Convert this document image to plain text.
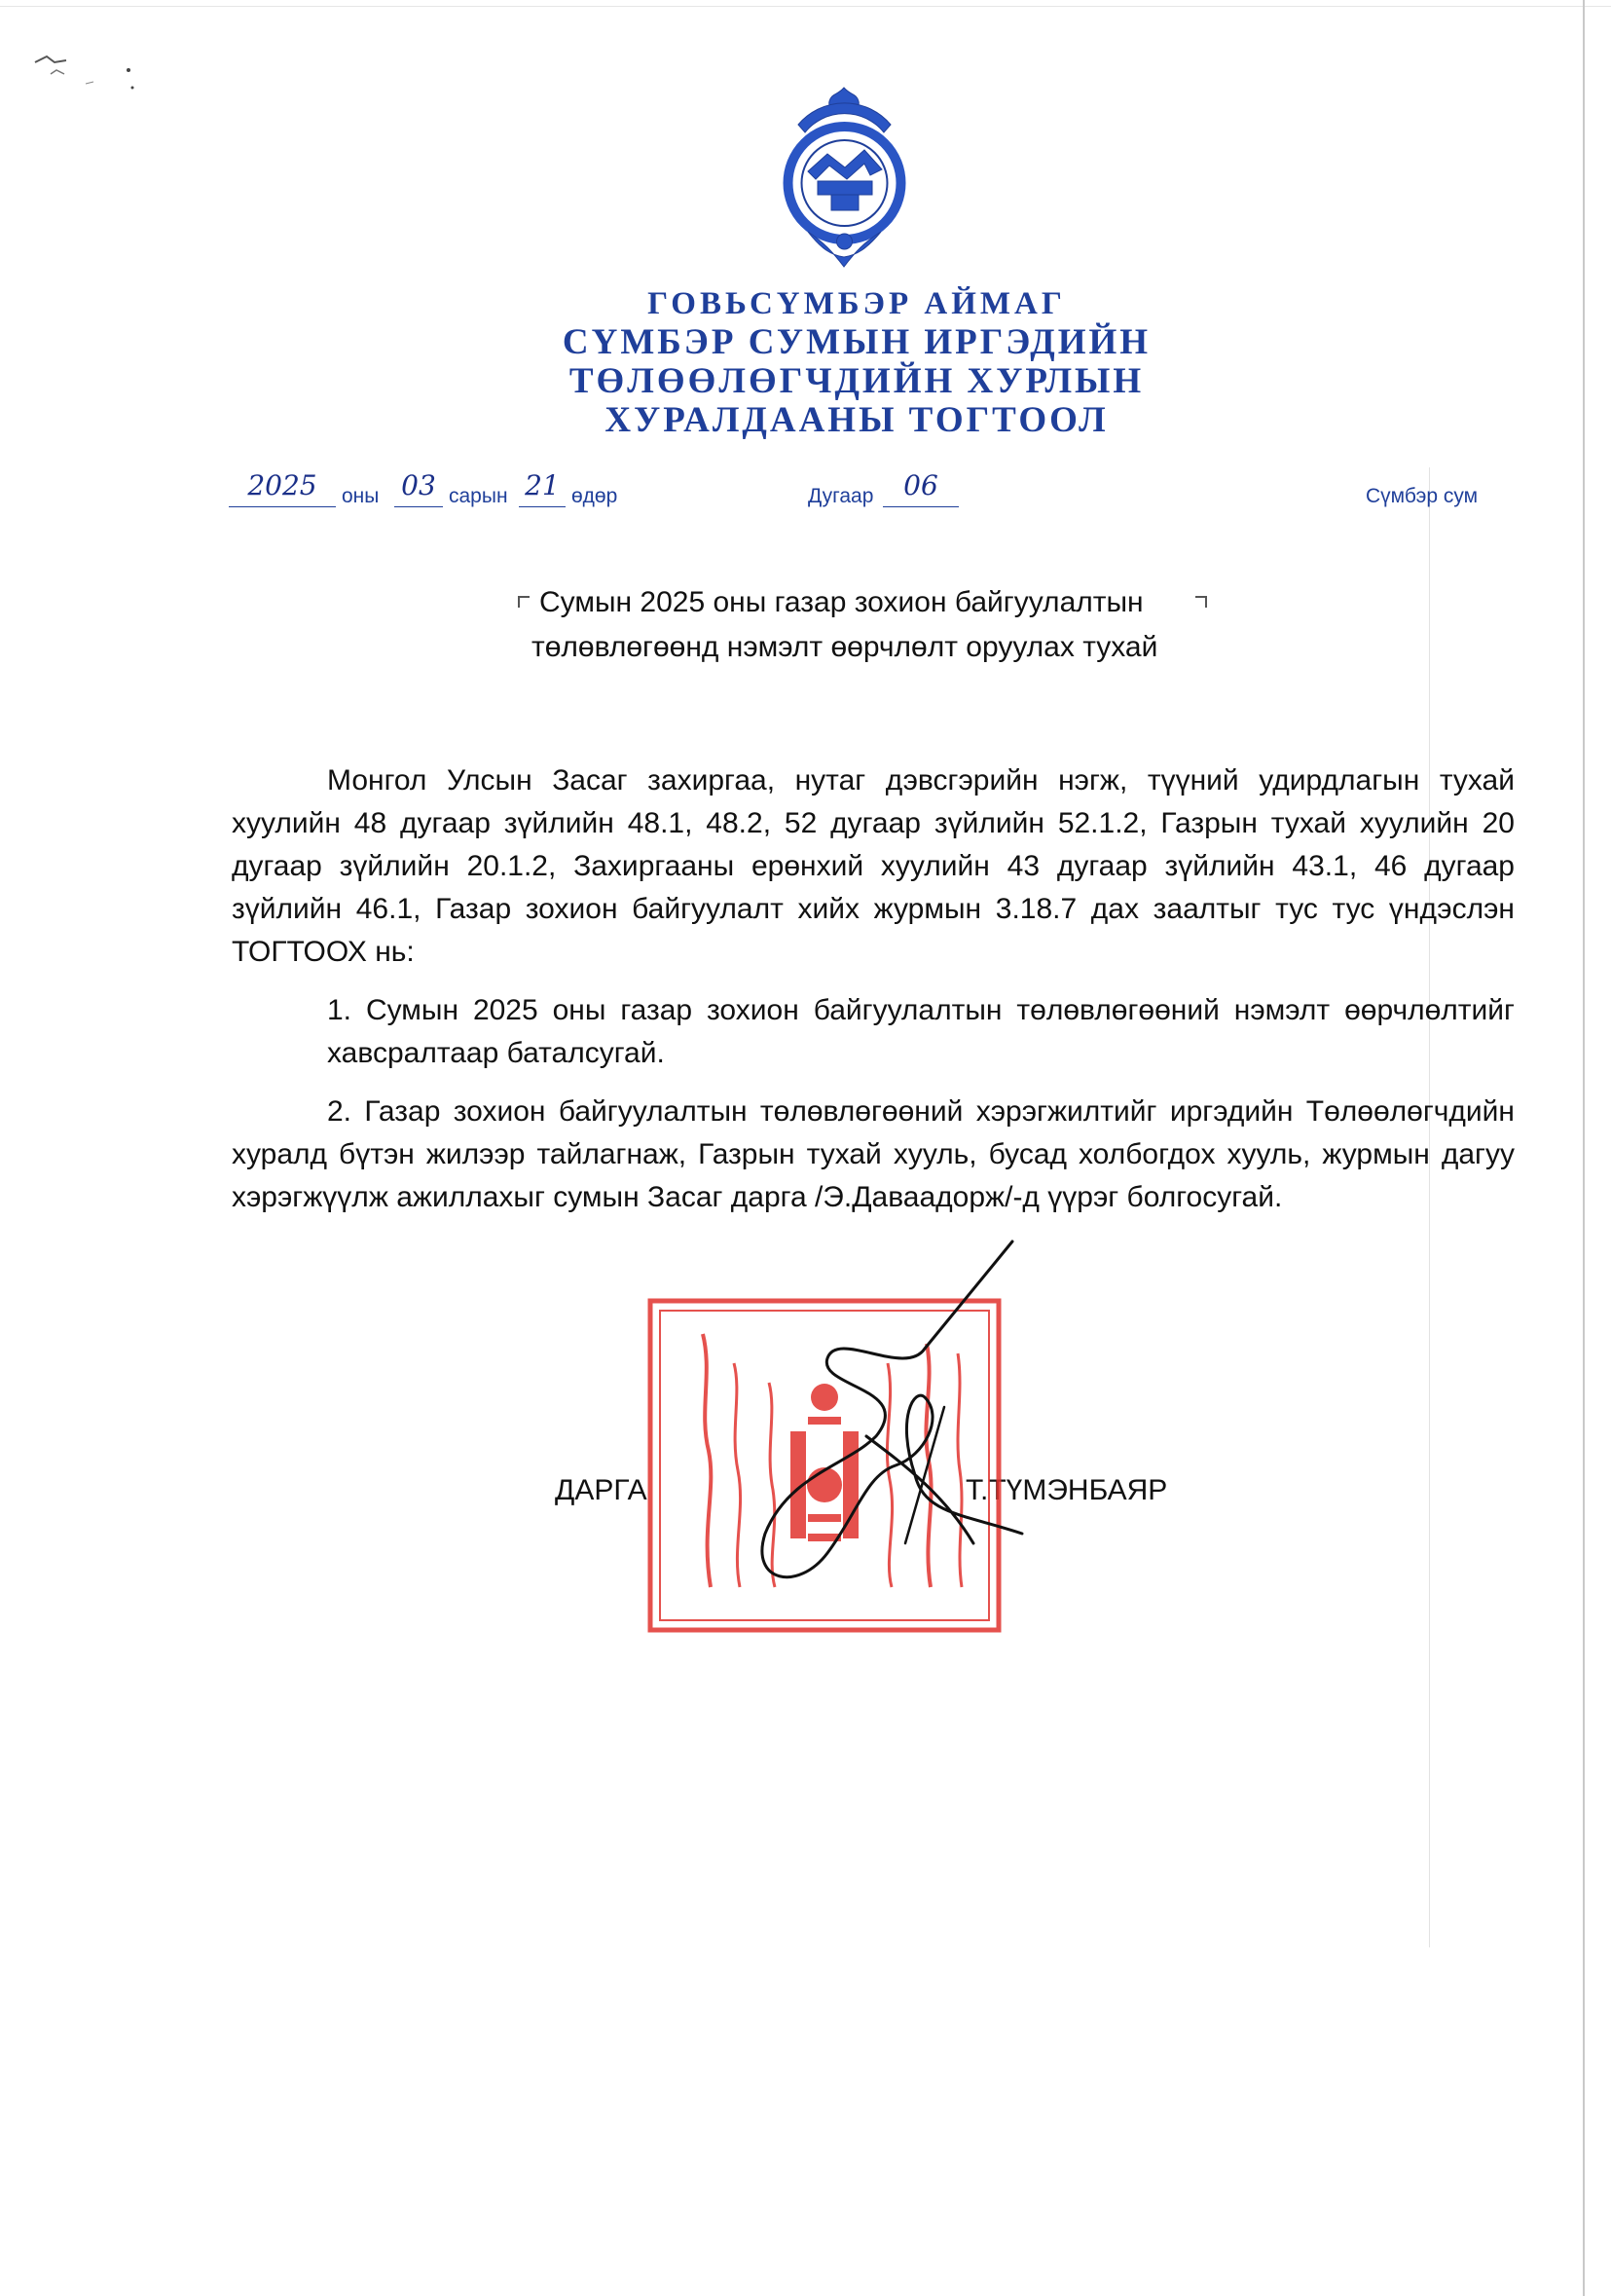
ГОВЬСҮМБЭР АЙМАГ
СҮМБЭР СУМЫН ИРГЭДИЙН
ТӨЛӨӨЛӨГЧДИЙН ХУРЛЫН
ХУРАЛДААНЫ ТОГТООЛ
2025	оны 03 сарын 21 өдөр	Дугаар	06	Сүмбэр сум
Сумын 2025 оны газар зохион байгуулалтын
төлөвлөгөөнд нэмэлт өөрчлөлт оруулах тухай

Монгол Улсын Засаг захиргаа, нутаг дэвсгэрийн нэгж, түүний удирдлагын тухай хуулийн 48 дугаар зүйлийн 48.1, 48.2, 52 дугаар зүйлийн 52.1.2, Газрын тухай хуулийн 20 дугаар зүйлийн 20.1.2, Захиргааны ерөнхий хуулийн 43 дугаар зүйлийн 43.1, 46 дугаар зүйлийн 46.1, Газар зохион байгуулалт хийх журмын 3.18.7 дах заалтыг тус тус үндэслэн ТОГТООХ нь:

1. Сумын 2025 оны газар зохион байгуулалтын төлөвлөгөөний нэмэлт өөрчлөлтийг хавсралтаар баталсугай.

2. Газар зохион байгуулалтын төлөвлөгөөний хэрэгжилтийг иргэдийн Төлөөлөгчдийн хуралд бүтэн жилээр тайлагнаж, Газрын тухай хууль, бусад холбогдох хууль, журмын дагуу хэрэгжүүлж ажиллахыг сумын Засаг дарга /Э.Даваадорж/-д үүрэг болгосугай.

ДАРГА	Т.ТҮМЭНБАЯР
